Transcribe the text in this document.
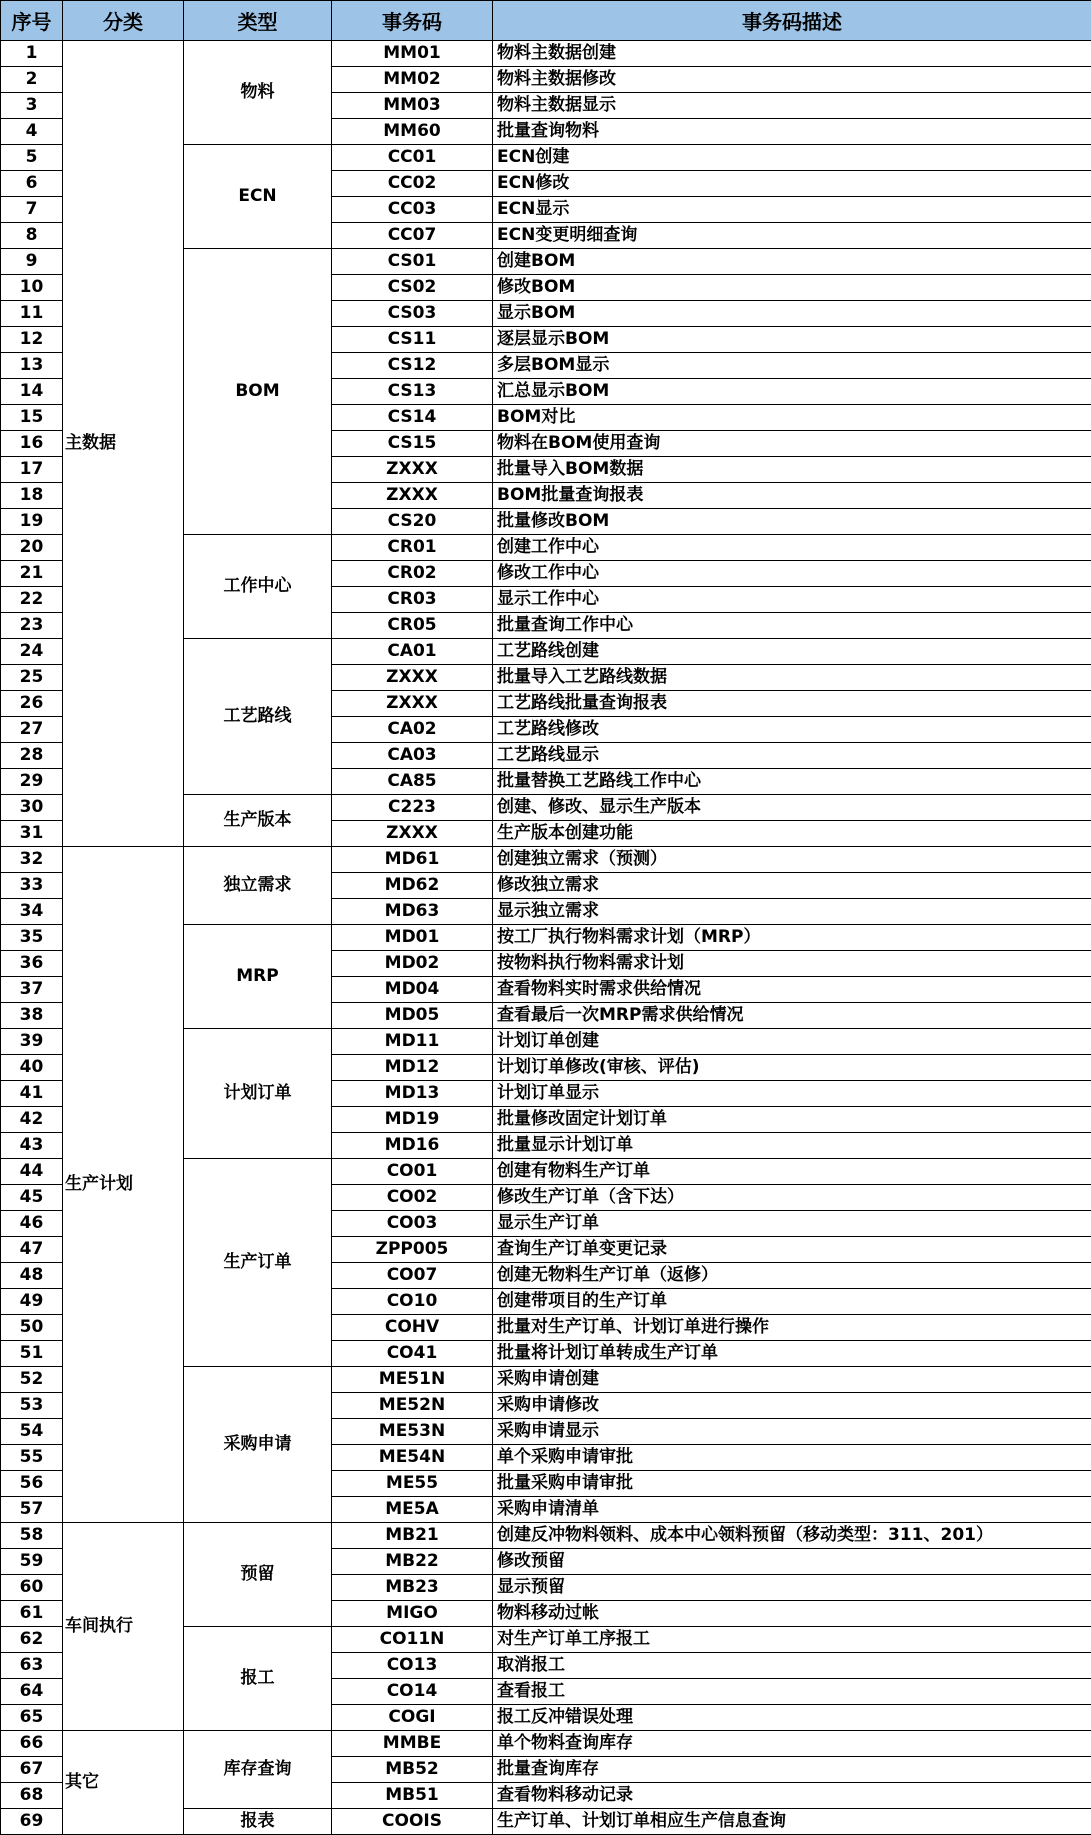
序号	分类	类型	事务码	事务码描述
1	主数据	物料	MM01	物料主数据创建
2			MM02	物料主数据修改
3			MM03	物料主数据显示
4			MM60	批量查询物料
5		ECN	CC01	ECN创建
6			CC02	ECN修改
7			CC03	ECN显示
8			CC07	ECN变更明细查询
9		BOM	CS01	创建BOM
10			CS02	修改BOM
11			CS03	显示BOM
12			CS11	逐层显示BOM
13			CS12	多层BOM显示
14			CS13	汇总显示BOM
15			CS14	BOM对比
16			CS15	物料在BOM使用查询
17			ZXXX	批量导入BOM数据
18			ZXXX	BOM批量查询报表
19			CS20	批量修改BOM
20		工作中心	CR01	创建工作中心
21			CR02	修改工作中心
22			CR03	显示工作中心
23			CR05	批量查询工作中心
24		工艺路线	CA01	工艺路线创建
25			ZXXX	批量导入工艺路线数据
26			ZXXX	工艺路线批量查询报表
27			CA02	工艺路线修改
28			CA03	工艺路线显示
29			CA85	批量替换工艺路线工作中心
30		生产版本	C223	创建、修改、显示生产版本
31			ZXXX	生产版本创建功能
32	生产计划	独立需求	MD61	创建独立需求（预测）
33			MD62	修改独立需求
34			MD63	显示独立需求
35		MRP	MD01	按工厂执行物料需求计划（MRP）
36			MD02	按物料执行物料需求计划
37			MD04	查看物料实时需求供给情况
38			MD05	查看最后一次MRP需求供给情况
39		计划订单	MD11	计划订单创建
40			MD12	计划订单修改(审核、评估)
41			MD13	计划订单显示
42			MD19	批量修改固定计划订单
43			MD16	批量显示计划订单
44		生产订单	CO01	创建有物料生产订单
45			CO02	修改生产订单（含下达）
46			CO03	显示生产订单
47			ZPP005	查询生产订单变更记录
48			CO07	创建无物料生产订单（返修）
49			CO10	创建带项目的生产订单
50			COHV	批量对生产订单、计划订单进行操作
51			CO41	批量将计划订单转成生产订单
52		采购申请	ME51N	采购申请创建
53			ME52N	采购申请修改
54			ME53N	采购申请显示
55			ME54N	单个采购申请审批
56			ME55	批量采购申请审批
57			ME5A	采购申请清单
58	车间执行	预留	MB21	创建反冲物料领料、成本中心领料预留（移动类型：311、201）
59			MB22	修改预留
60			MB23	显示预留
61			MIGO	物料移动过帐
62		报工	CO11N	对生产订单工序报工
63			CO13	取消报工
64			CO14	查看报工
65			COGI	报工反冲错误处理
66	其它	库存查询	MMBE	单个物料查询库存
67			MB52	批量查询库存
68			MB51	查看物料移动记录
69		报表	COOIS	生产订单、计划订单相应生产信息查询
